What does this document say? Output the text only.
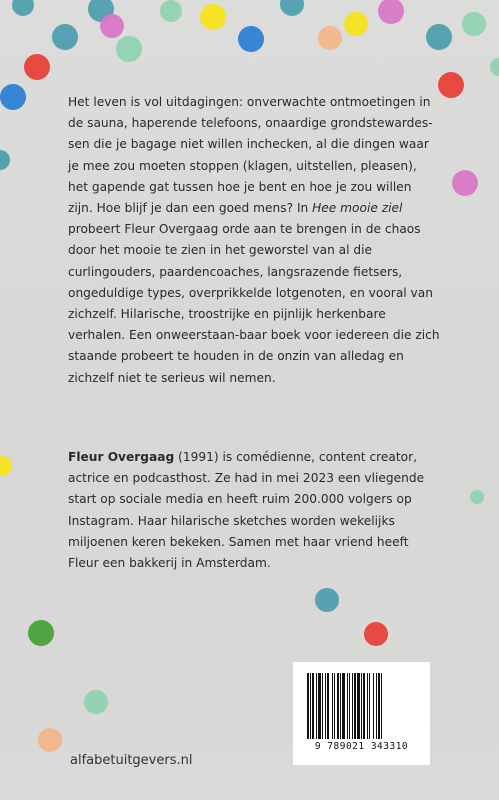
Het leven is vol uitdagingen: onverwachte ontmoetingen in de sauna, haperende telefoons, onaardige grondstewardes-sen die je bagage niet willen inchecken, al die dingen waar je mee zou moeten stoppen (klagen, uitstellen, pleasen), het gapende gat tussen hoe je bent en hoe je zou willen zijn. Hoe blijf je dan een goed mens? In Hee mooie ziel probeert Fleur Overgaag orde aan te brengen in de chaos door het mooie te zien in het geworstel van al die curlingouders, paardencoaches, langsrazende fietsers, ongeduldige types, overprikkelde lotgenoten, en vooral van zichzelf. Hilarische, troostrijke en pijnlijk herkenbare verhalen. Een onweerstaan-baar boek voor iedereen die zich staande probeert te houden in de onzin van alledag en zichzelf niet te serieus wil nemen.

Fleur Overgaag (1991) is comédienne, content creator, actrice en podcasthost. Ze had in mei 2023 een vliegende start op sociale media en heeft ruim 200.000 volgers op Instagram. Haar hilarische sketches worden wekelijks miljoenen keren bekeken. Samen met haar vriend heeft Fleur een bakkerij in Amsterdam.

9 789021 343310
alfabetuitgevers.nl
